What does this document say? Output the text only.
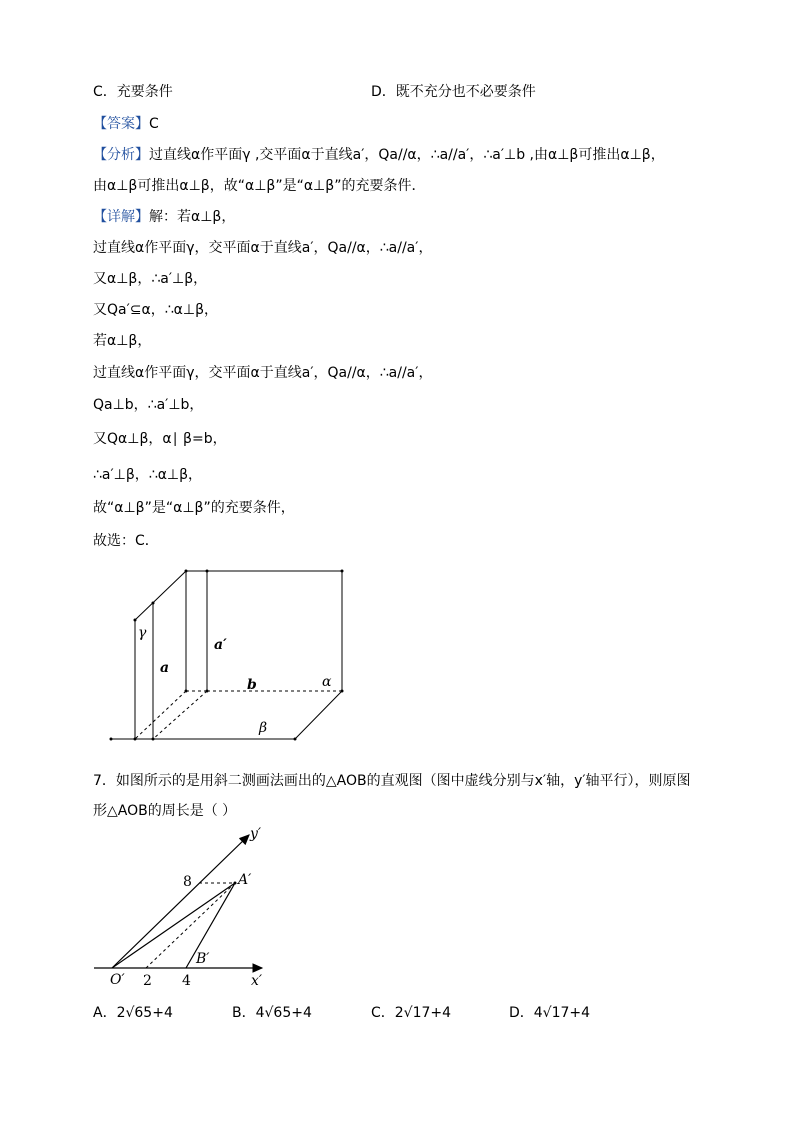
C．充要条件	D．既不充分也不必要条件
【答案】C
【分析】过直线α作平面γ ,交平面α于直线a′，Qa//α，∴a//a′，∴a′⊥b ,由α⊥β可推出α⊥β，
由α⊥β可推出α⊥β，故“α⊥β”是“α⊥β”的充要条件．
【详解】解：若α⊥β，
过直线α作平面γ，交平面α于直线a′，Qa//α，∴a//a′，
又α⊥β，∴a′⊥β，
又Qa′⊆α，∴α⊥β，
若α⊥β，
过直线α作平面γ，交平面α于直线a′，Qa//α，∴a//a′，
Qa⊥b，∴a′⊥b，
又Qα⊥β，α∣ β=b，
∴a′⊥β，∴α⊥β，
故“α⊥β”是“α⊥β”的充要条件，
故选：C．
γ
a
a′
b	α
β
7．如图所示的是用斜二测画法画出的△AOB的直观图（图中虚线分别与x′轴，y′轴平行），则原图
形△AOB的周长是（ ）
y′
x′
O′
A′
B′
8
2 4
A．2√65+4	B．4√65+4	C．2√17+4	D．4√17+4
